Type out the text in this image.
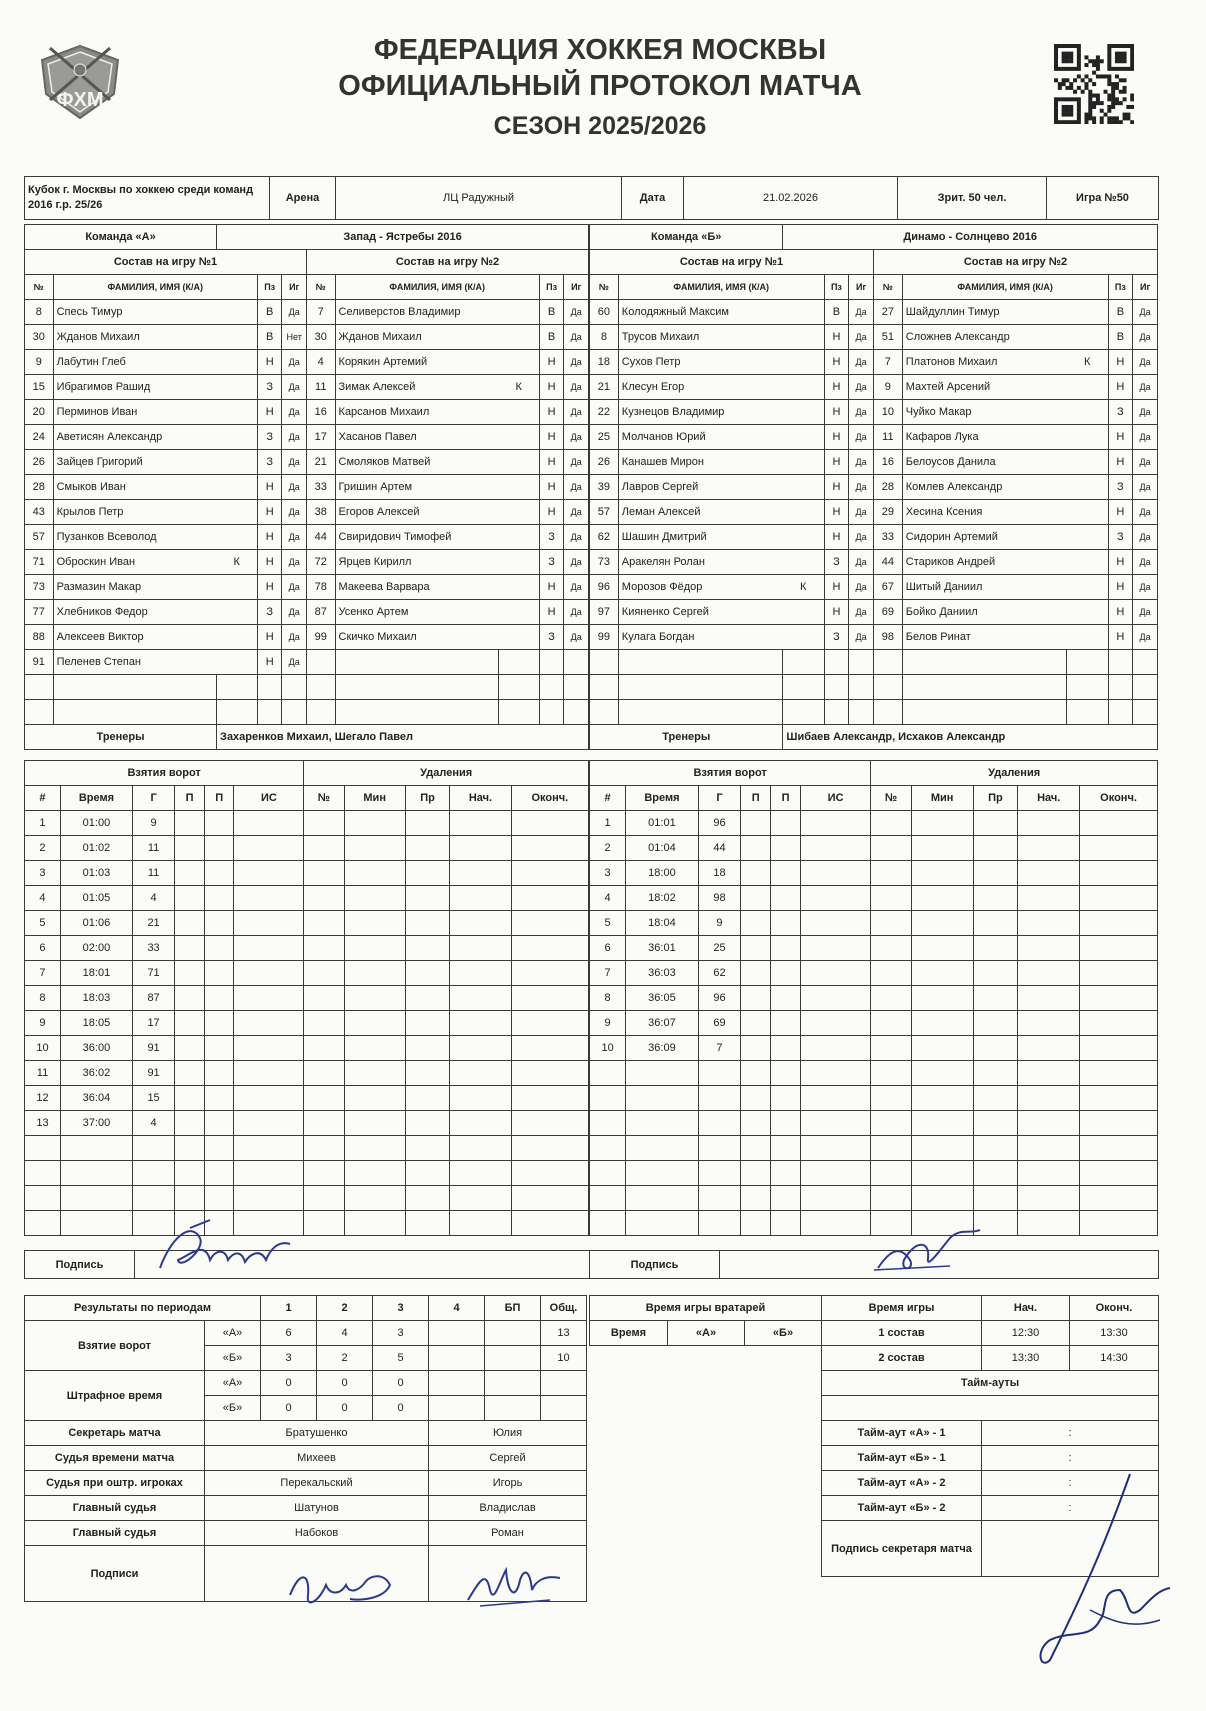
ФХМ
ФЕДЕРАЦИЯ ХОККЕЯ МОСКВЫ
ОФИЦИАЛЬНЫЙ ПРОТОКОЛ МАТЧА
СЕЗОН 2025/2026
Кубок г. Москвы по хоккею среди команд 2016 г.р. 25/26	Арена	ЛЦ Радужный	Дата	21.02.2026	Зрит. 50 чел.	Игра №50
Команда «А»		Запад - Ястребы 2016							
Состав на игру №1					Состав на игру №2				
№	ФАМИЛИЯ, ИМЯ (К/А)		Пз	Иг	№	ФАМИЛИЯ, ИМЯ (К/А)		Пз	Иг
8	Спесь Тимур		В	Да	7	Селиверстов Владимир		В	Да
30	Жданов Михаил		В	Нет	30	Жданов Михаил		В	Да
9	Лабутин Глеб		Н	Да	4	Корякин Артемий		Н	Да
15	Ибрагимов Рашид		З	Да	11	Зимак Алексей	К	Н	Да
20	Перминов Иван		Н	Да	16	Карсанов Михаил		Н	Да
24	Аветисян Александр		З	Да	17	Хасанов Павел		Н	Да
26	Зайцев Григорий		З	Да	21	Смоляков Матвей		Н	Да
28	Смыков Иван		Н	Да	33	Гришин Артем		Н	Да
43	Крылов Петр		Н	Да	38	Егоров Алексей		Н	Да
57	Пузанков Всеволод		Н	Да	44	Свиридович Тимофей		З	Да
71	Оброскин Иван	К	Н	Да	72	Ярцев Кирилл		З	Да
73	Размазин Макар		Н	Да	78	Макеева Варвара		Н	Да
77	Хлебников Федор		З	Да	87	Усенко Артем		Н	Да
88	Алексеев Виктор		Н	Да	99	Скичко Михаил		З	Да
91	Пеленев Степан		Н	Да					

Тренеры		Захаренков Михаил, Шегало Павел							
Команда «Б»		Динамо - Солнцево 2016							
Состав на игру №1					Состав на игру №2				
№	ФАМИЛИЯ, ИМЯ (К/А)		Пз	Иг	№	ФАМИЛИЯ, ИМЯ (К/А)		Пз	Иг
60	Колодяжный Максим		В	Да	27	Шайдуллин Тимур		В	Да
8	Трусов Михаил		Н	Да	51	Сложнев Александр		В	Да
18	Сухов Петр		Н	Да	7	Платонов Михаил	К	Н	Да
21	Клесун Егор		Н	Да	9	Махтей Арсений		Н	Да
22	Кузнецов Владимир		Н	Да	10	Чуйко Макар		З	Да
25	Молчанов Юрий		Н	Да	11	Кафаров Лука		Н	Да
26	Канашев Мирон		Н	Да	16	Белоусов Данила		Н	Да
39	Лавров Сергей		Н	Да	28	Комлев Александр		З	Да
57	Леман Алексей		Н	Да	29	Хесина Ксения		Н	Да
62	Шашин Дмитрий		Н	Да	33	Сидорин Артемий		З	Да
73	Аракелян Ролан		З	Да	44	Стариков Андрей		Н	Да
96	Морозов Фёдор	К	Н	Да	67	Шитый Даниил		Н	Да
97	Кияненко Сергей		Н	Да	69	Бойко Даниил		Н	Да
99	Кулага Богдан		З	Да	98	Белов Ринат		Н	Да

Тренеры		Шибаев Александр, Исхаков Александр							
Взятия ворот						Удаления				
#	Время	Г	П	П	ИС	№	Мин	Пр	Нач.	Оконч.
1	01:00	9								
2	01:02	11								
3	01:03	11								
4	01:05	4								
5	01:06	21								
6	02:00	33								
7	18:01	71								
8	18:03	87								
9	18:05	17								
10	36:00	91								
11	36:02	91								
12	36:04	15								
13	37:00	4								

Взятия ворот						Удаления				
#	Время	Г	П	П	ИС	№	Мин	Пр	Нач.	Оконч.
1	01:01	96								
2	01:04	44								
3	18:00	18								
4	18:02	98								
5	18:04	9								
6	36:01	25								
7	36:03	62								
8	36:05	96								
9	36:07	69								
10	36:09	7								

Подпись		Подпись	
Результаты по периодам		1	2	3	4	БП	Общ.
Взятие ворот	«А»	6	4	3			13
	«Б»	3	2	5			10
Штрафное время	«А»	0	0	0			
	«Б»	0	0	0			
Секретарь матча	Братушенко				Юлия		
Судья времени матча	Михеев				Сергей		
Судья при оштр. игроках	Перекальский				Игорь		
Главный судья	Шатунов				Владислав		
Главный судья	Набоков				Роман		
Подписи							
Время игры вратарей		
Время	«А»	«Б»

Время игры	Нач.	Оконч.
1 состав	12:30	13:30
2 состав	13:30	14:30
Тайм-ауты		

Тайм-аут «А» - 1	:	
Тайм-аут «Б» - 1	:	
Тайм-аут «А» - 2	:	
Тайм-аут «Б» - 2	:	
Подпись секретаря матча		
